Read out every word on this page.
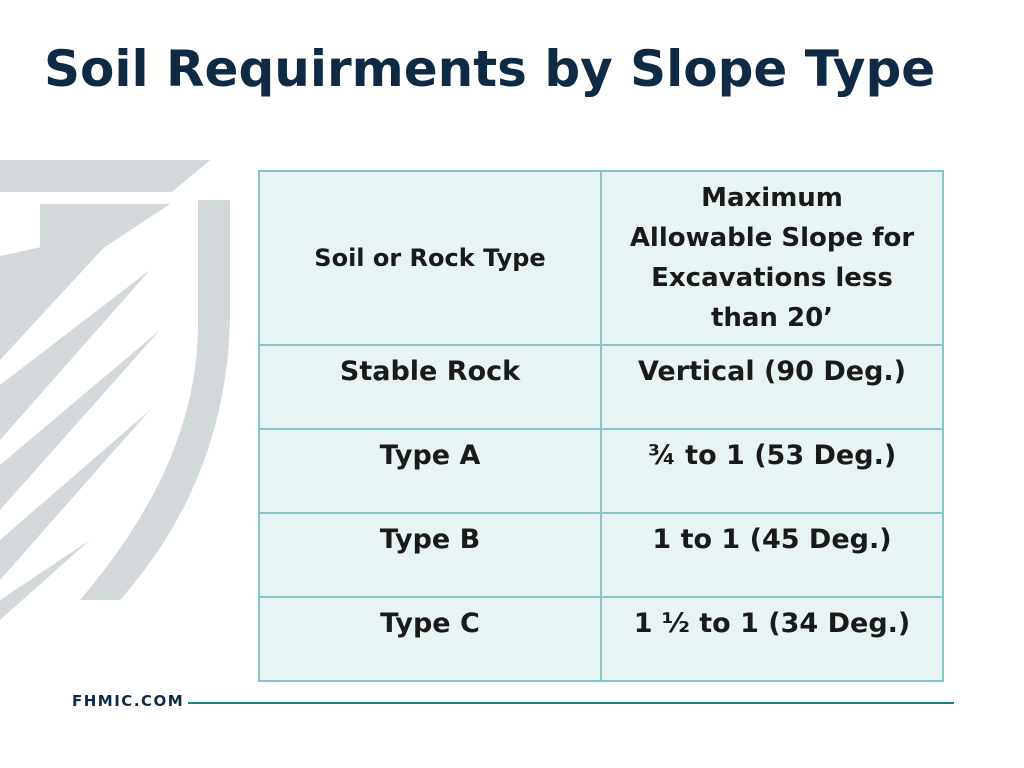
Soil Requirments by Slope Type
Soil or Rock Type	Maximum
Allowable Slope for
Excavations less
than 20’
Stable Rock	Vertical (90 Deg.)
Type A	¾ to 1 (53 Deg.)
Type B	1 to 1 (45 Deg.)
Type C	1 ½ to 1 (34 Deg.)
FHMIC.COM
